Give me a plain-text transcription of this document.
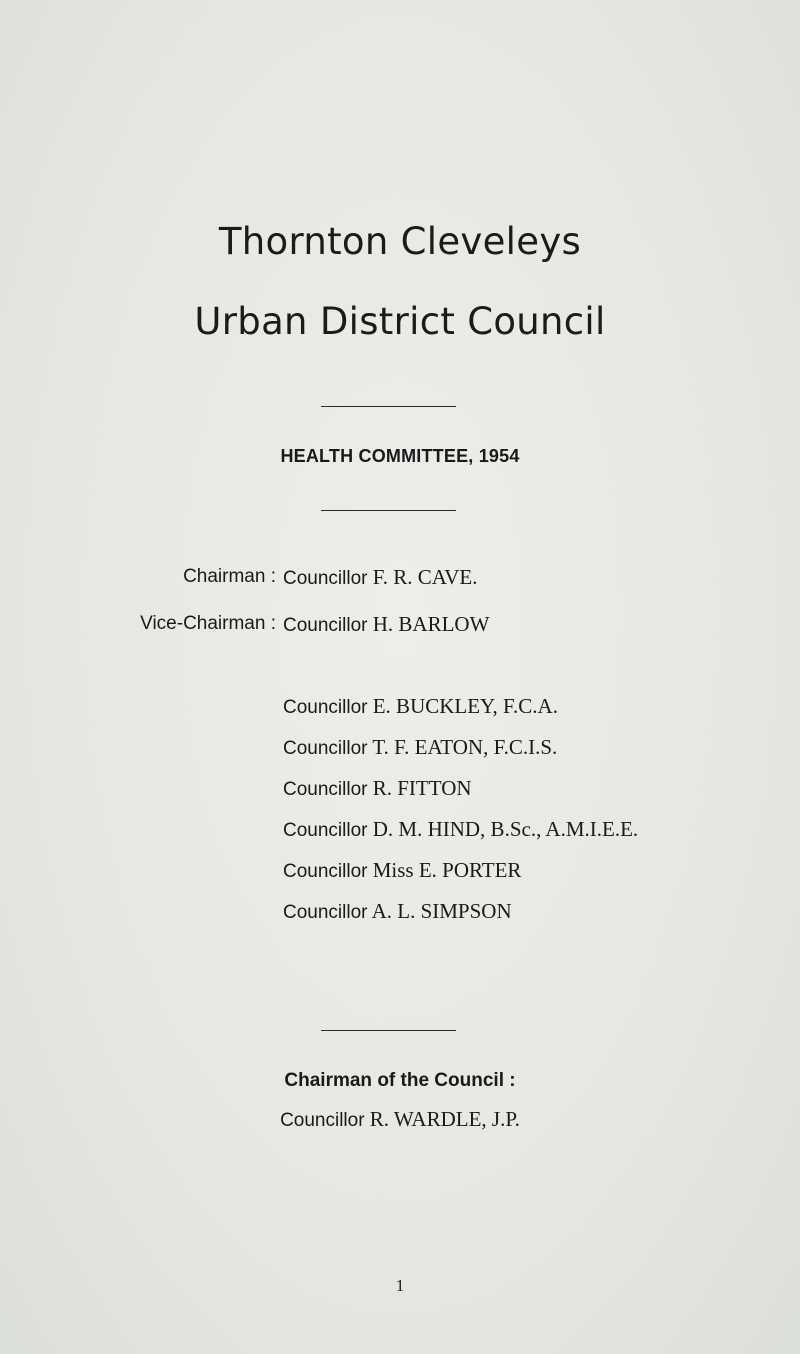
Thornton Cleveleys
Urban District Council
HEALTH COMMITTEE, 1954
Chairman : Councillor F. R. CAVE.
Vice-Chairman : Councillor H. BARLOW
Councillor E. BUCKLEY, F.C.A.
Councillor T. F. EATON, F.C.I.S.
Councillor R. FITTON
Councillor D. M. HIND, B.Sc., A.M.I.E.E.
Councillor Miss E. PORTER
Councillor A. L. SIMPSON
Chairman of the Council :
Councillor R. WARDLE, J.P.
1
